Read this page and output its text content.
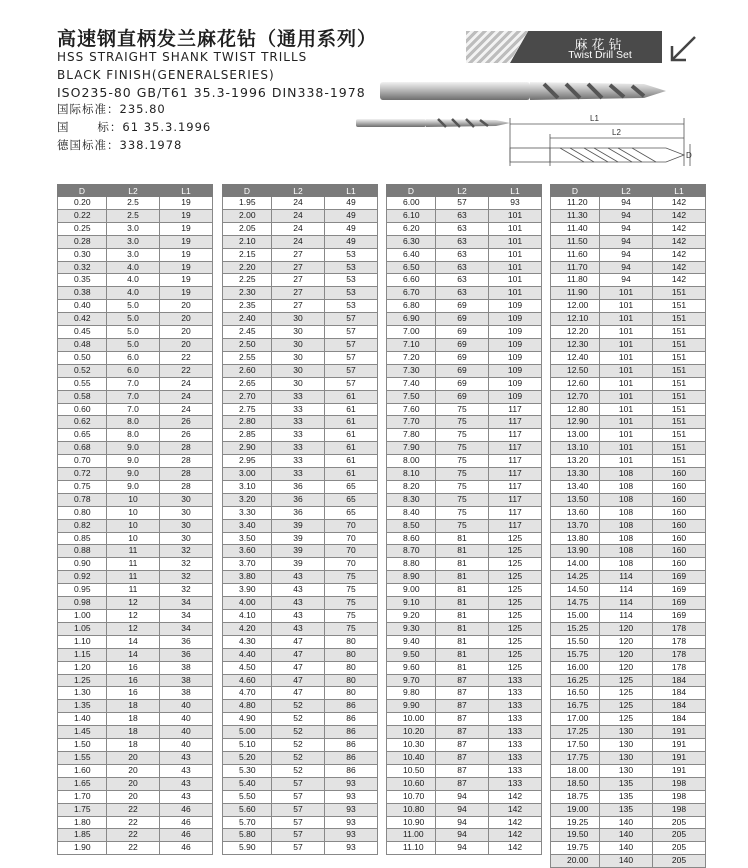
高速钢直柄发兰麻花钻（通用系列）
HSS STRAIGHT SHANK TWIST TRILLS
BLACK FINISH(GENERALSERIES)
ISO235-80 GB/T61 35.3-1996 DIN338-1978
国际标准：235.80
国      标：61 35.3.1996
德国标准：338.1978
麻花钻
Twist Drill Set
L1
L2
D
D	L2	L1
0.20	2.5	19
0.22	2.5	19
0.25	3.0	19
0.28	3.0	19
0.30	3.0	19
0.32	4.0	19
0.35	4.0	19
0.38	4.0	19
0.40	5.0	20
0.42	5.0	20
0.45	5.0	20
0.48	5.0	20
0.50	6.0	22
0.52	6.0	22
0.55	7.0	24
0.58	7.0	24
0.60	7.0	24
0.62	8.0	26
0.65	8.0	26
0.68	9.0	28
0.70	9.0	28
0.72	9.0	28
0.75	9.0	28
0.78	10	30
0.80	10	30
0.82	10	30
0.85	10	30
0.88	11	32
0.90	11	32
0.92	11	32
0.95	11	32
0.98	12	34
1.00	12	34
1.05	12	34
1.10	14	36
1.15	14	36
1.20	16	38
1.25	16	38
1.30	16	38
1.35	18	40
1.40	18	40
1.45	18	40
1.50	18	40
1.55	20	43
1.60	20	43
1.65	20	43
1.70	20	43
1.75	22	46
1.80	22	46
1.85	22	46
1.90	22	46
D	L2	L1
1.95	24	49
2.00	24	49
2.05	24	49
2.10	24	49
2.15	27	53
2.20	27	53
2.25	27	53
2.30	27	53
2.35	27	53
2.40	30	57
2.45	30	57
2.50	30	57
2.55	30	57
2.60	30	57
2.65	30	57
2.70	33	61
2.75	33	61
2.80	33	61
2.85	33	61
2.90	33	61
2.95	33	61
3.00	33	61
3.10	36	65
3.20	36	65
3.30	36	65
3.40	39	70
3.50	39	70
3.60	39	70
3.70	39	70
3.80	43	75
3.90	43	75
4.00	43	75
4.10	43	75
4.20	43	75
4.30	47	80
4.40	47	80
4.50	47	80
4.60	47	80
4.70	47	80
4.80	52	86
4.90	52	86
5.00	52	86
5.10	52	86
5.20	52	86
5.30	52	86
5.40	57	93
5.50	57	93
5.60	57	93
5.70	57	93
5.80	57	93
5.90	57	93
D	L2	L1
6.00	57	93
6.10	63	101
6.20	63	101
6.30	63	101
6.40	63	101
6.50	63	101
6.60	63	101
6.70	63	101
6.80	69	109
6.90	69	109
7.00	69	109
7.10	69	109
7.20	69	109
7.30	69	109
7.40	69	109
7.50	69	109
7.60	75	117
7.70	75	117
7.80	75	117
7.90	75	117
8.00	75	117
8.10	75	117
8.20	75	117
8.30	75	117
8.40	75	117
8.50	75	117
8.60	81	125
8.70	81	125
8.80	81	125
8.90	81	125
9.00	81	125
9.10	81	125
9.20	81	125
9.30	81	125
9.40	81	125
9.50	81	125
9.60	81	125
9.70	87	133
9.80	87	133
9.90	87	133
10.00	87	133
10.20	87	133
10.30	87	133
10.40	87	133
10.50	87	133
10.60	87	133
10.70	94	142
10.80	94	142
10.90	94	142
11.00	94	142
11.10	94	142
D	L2	L1
11.20	94	142
11.30	94	142
11.40	94	142
11.50	94	142
11.60	94	142
11.70	94	142
11.80	94	142
11.90	101	151
12.00	101	151
12.10	101	151
12.20	101	151
12.30	101	151
12.40	101	151
12.50	101	151
12.60	101	151
12.70	101	151
12.80	101	151
12.90	101	151
13.00	101	151
13.10	101	151
13.20	101	151
13.30	108	160
13.40	108	160
13.50	108	160
13.60	108	160
13.70	108	160
13.80	108	160
13.90	108	160
14.00	108	160
14.25	114	169
14.50	114	169
14.75	114	169
15.00	114	169
15.25	120	178
15.50	120	178
15.75	120	178
16.00	120	178
16.25	125	184
16.50	125	184
16.75	125	184
17.00	125	184
17.25	130	191
17.50	130	191
17.75	130	191
18.00	130	191
18.50	135	198
18.75	135	198
19.00	135	198
19.25	140	205
19.50	140	205
19.75	140	205
20.00	140	205
